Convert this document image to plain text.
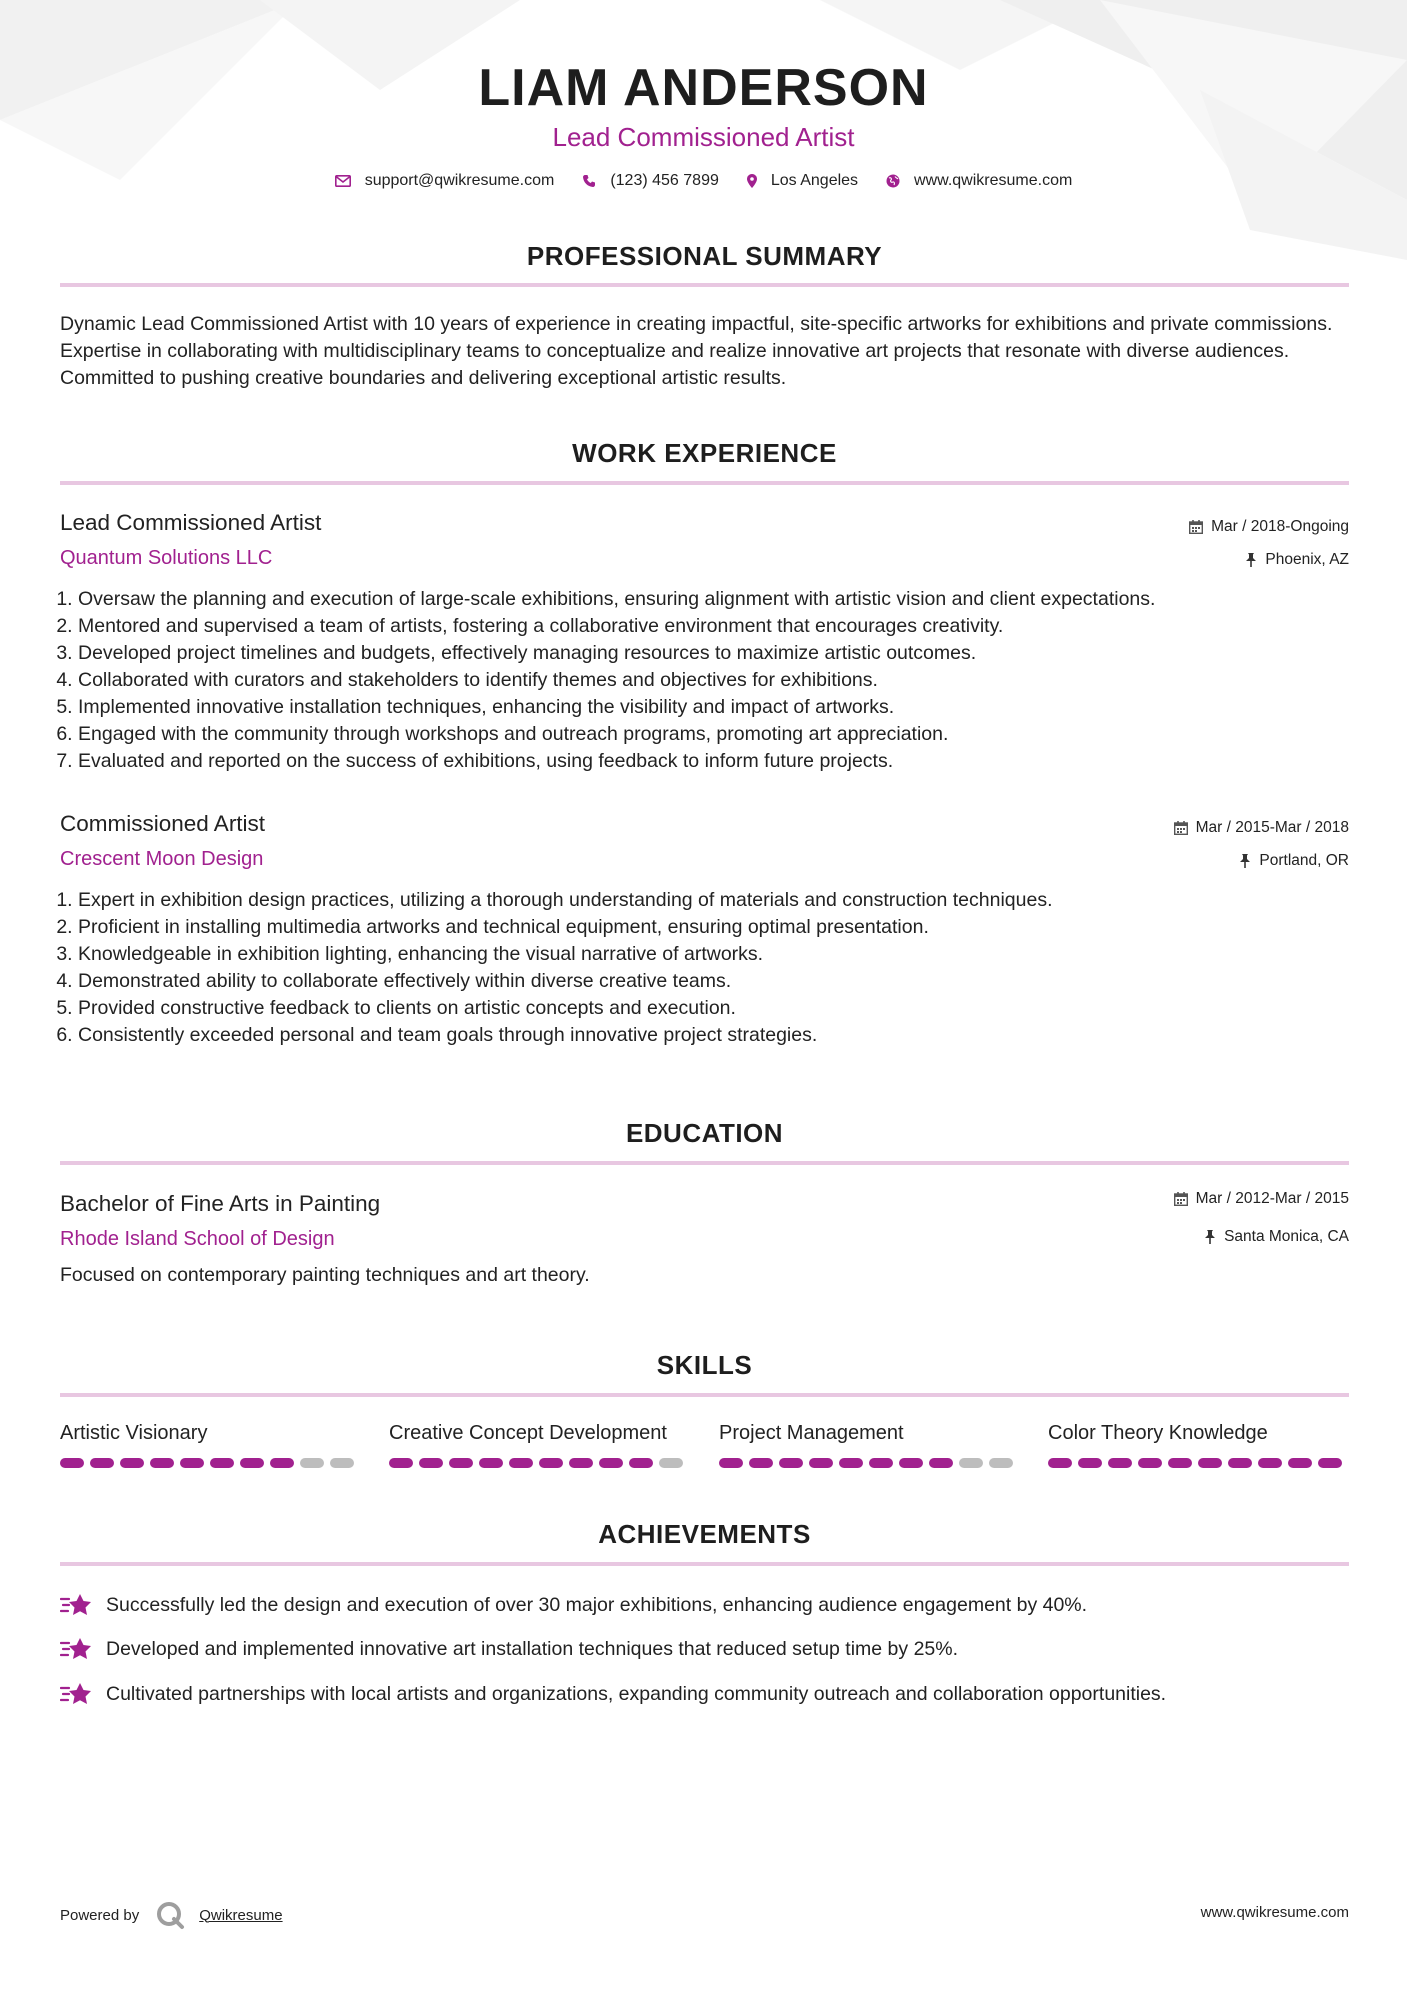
LIAM ANDERSON
Lead Commissioned Artist
support@qwikresume.com	(123) 456 7899	Los Angeles	www.qwikresume.com
PROFESSIONAL SUMMARY
Dynamic Lead Commissioned Artist with 10 years of experience in creating impactful, site-specific artworks for exhibitions and private commissions. Expertise in collaborating with multidisciplinary teams to conceptualize and realize innovative art projects that resonate with diverse audiences. Committed to pushing creative boundaries and delivering exceptional artistic results.
WORK EXPERIENCE
Lead Commissioned Artist	Mar / 2018-Ongoing
Quantum Solutions LLC	Phoenix, AZ
1. Oversaw the planning and execution of large-scale exhibitions, ensuring alignment with artistic vision and client expectations.
2. Mentored and supervised a team of artists, fostering a collaborative environment that encourages creativity.
3. Developed project timelines and budgets, effectively managing resources to maximize artistic outcomes.
4. Collaborated with curators and stakeholders to identify themes and objectives for exhibitions.
5. Implemented innovative installation techniques, enhancing the visibility and impact of artworks.
6. Engaged with the community through workshops and outreach programs, promoting art appreciation.
7. Evaluated and reported on the success of exhibitions, using feedback to inform future projects.
Commissioned Artist	Mar / 2015-Mar / 2018
Crescent Moon Design	Portland, OR
1. Expert in exhibition design practices, utilizing a thorough understanding of materials and construction techniques.
2. Proficient in installing multimedia artworks and technical equipment, ensuring optimal presentation.
3. Knowledgeable in exhibition lighting, enhancing the visual narrative of artworks.
4. Demonstrated ability to collaborate effectively within diverse creative teams.
5. Provided constructive feedback to clients on artistic concepts and execution.
6. Consistently exceeded personal and team goals through innovative project strategies.
EDUCATION
Bachelor of Fine Arts in Painting	Mar / 2012-Mar / 2015
Rhode Island School of Design	Santa Monica, CA
Focused on contemporary painting techniques and art theory.
SKILLS
Artistic Visionary	Creative Concept Development	Project Management	Color Theory Knowledge
ACHIEVEMENTS
Successfully led the design and execution of over 30 major exhibitions, enhancing audience engagement by 40%.
Developed and implemented innovative art installation techniques that reduced setup time by 25%.
Cultivated partnerships with local artists and organizations, expanding community outreach and collaboration opportunities.
Powered by	Qwikresume	www.qwikresume.com
